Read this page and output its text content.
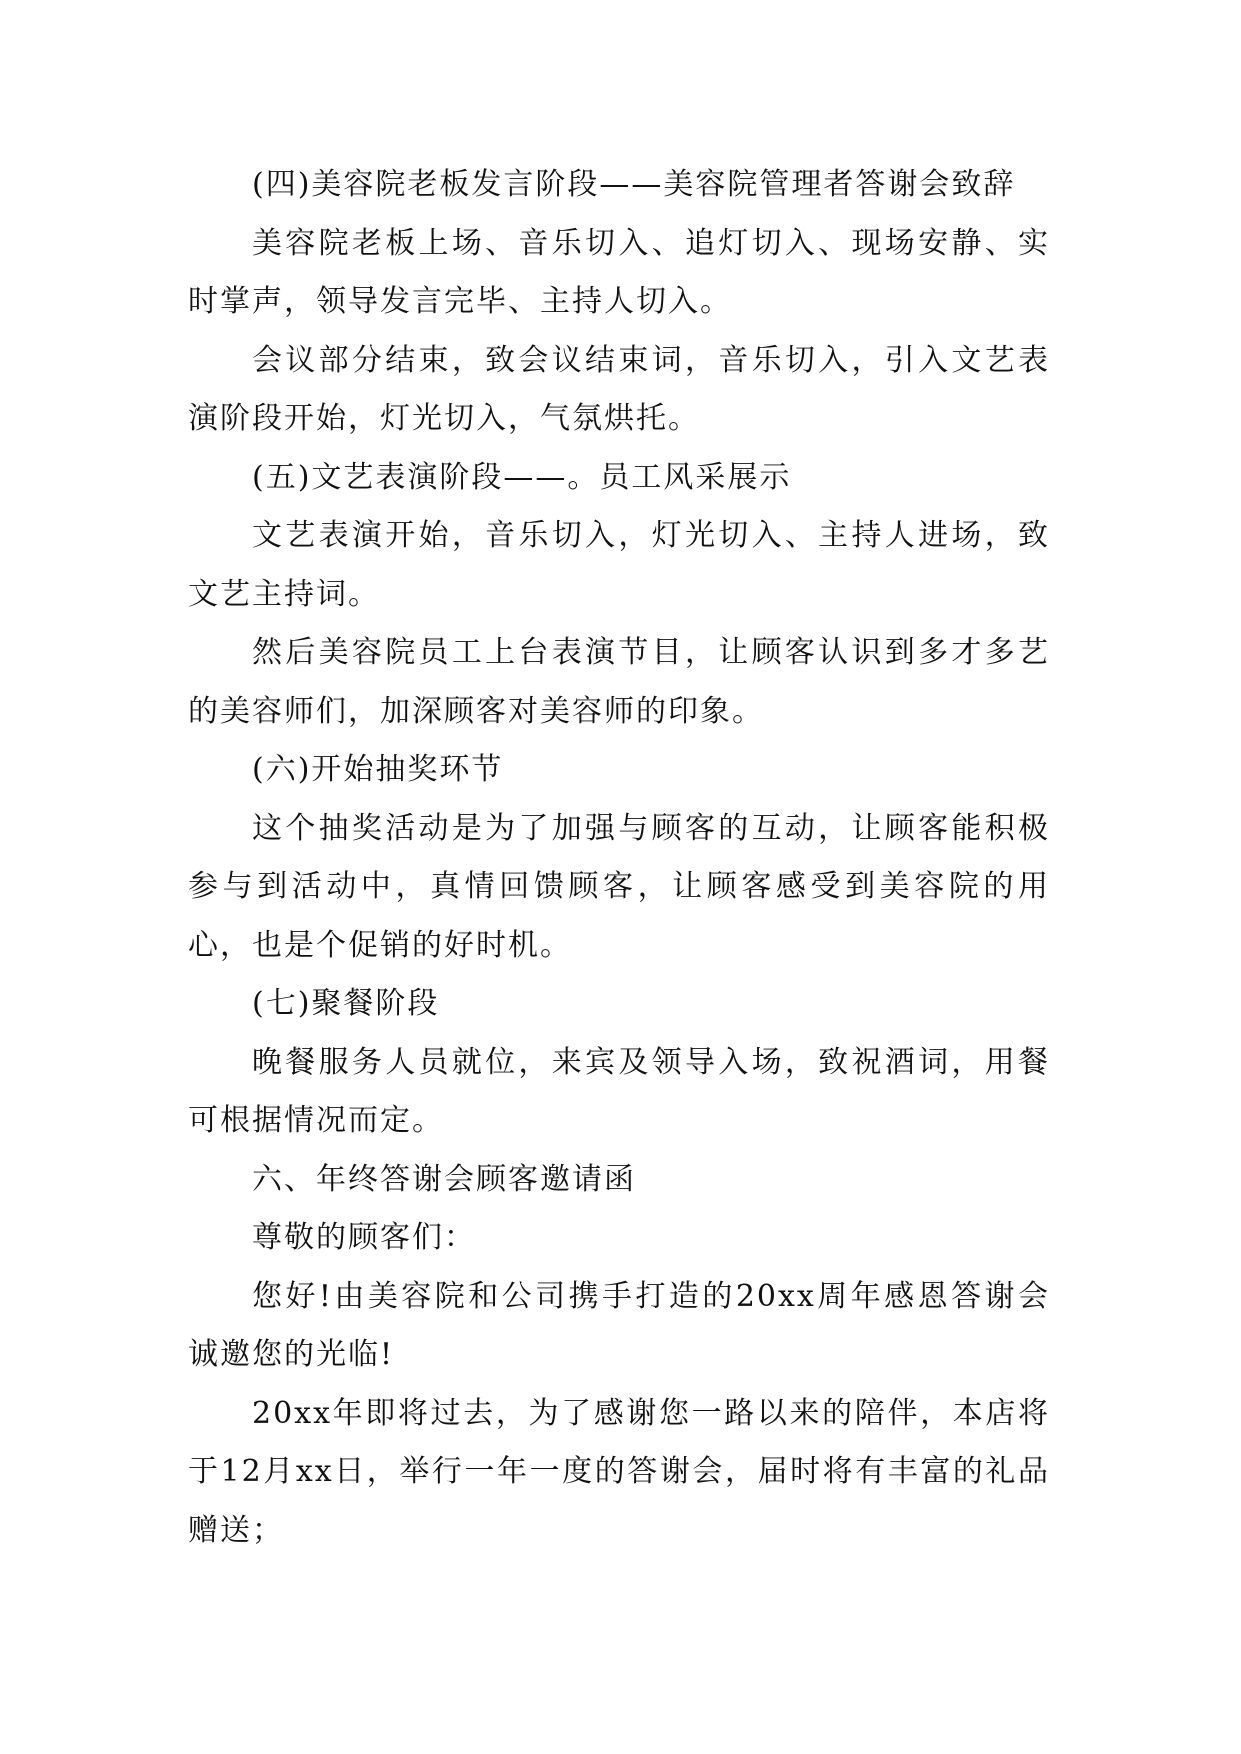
(四)美容院老板发言阶段——美容院管理者答谢会致辞

美容院老板上场、音乐切入、追灯切入、现场安静、实时掌声，领导发言完毕、主持人切入。

会议部分结束，致会议结束词，音乐切入，引入文艺表演阶段开始，灯光切入，气氛烘托。

(五)文艺表演阶段——。员工风采展示

文艺表演开始，音乐切入，灯光切入、主持人进场，致文艺主持词。

然后美容院员工上台表演节目，让顾客认识到多才多艺的美容师们，加深顾客对美容师的印象。

(六)开始抽奖环节

这个抽奖活动是为了加强与顾客的互动，让顾客能积极参与到活动中，真情回馈顾客，让顾客感受到美容院的用心，也是个促销的好时机。

(七)聚餐阶段

晚餐服务人员就位，来宾及领导入场，致祝酒词，用餐可根据情况而定。

六、年终答谢会顾客邀请函

尊敬的顾客们：

您好!由美容院和公司携手打造的20xx周年感恩答谢会诚邀您的光临!

20xx年即将过去，为了感谢您一路以来的陪伴，本店将于12月xx日，举行一年一度的答谢会，届时将有丰富的礼品赠送；
